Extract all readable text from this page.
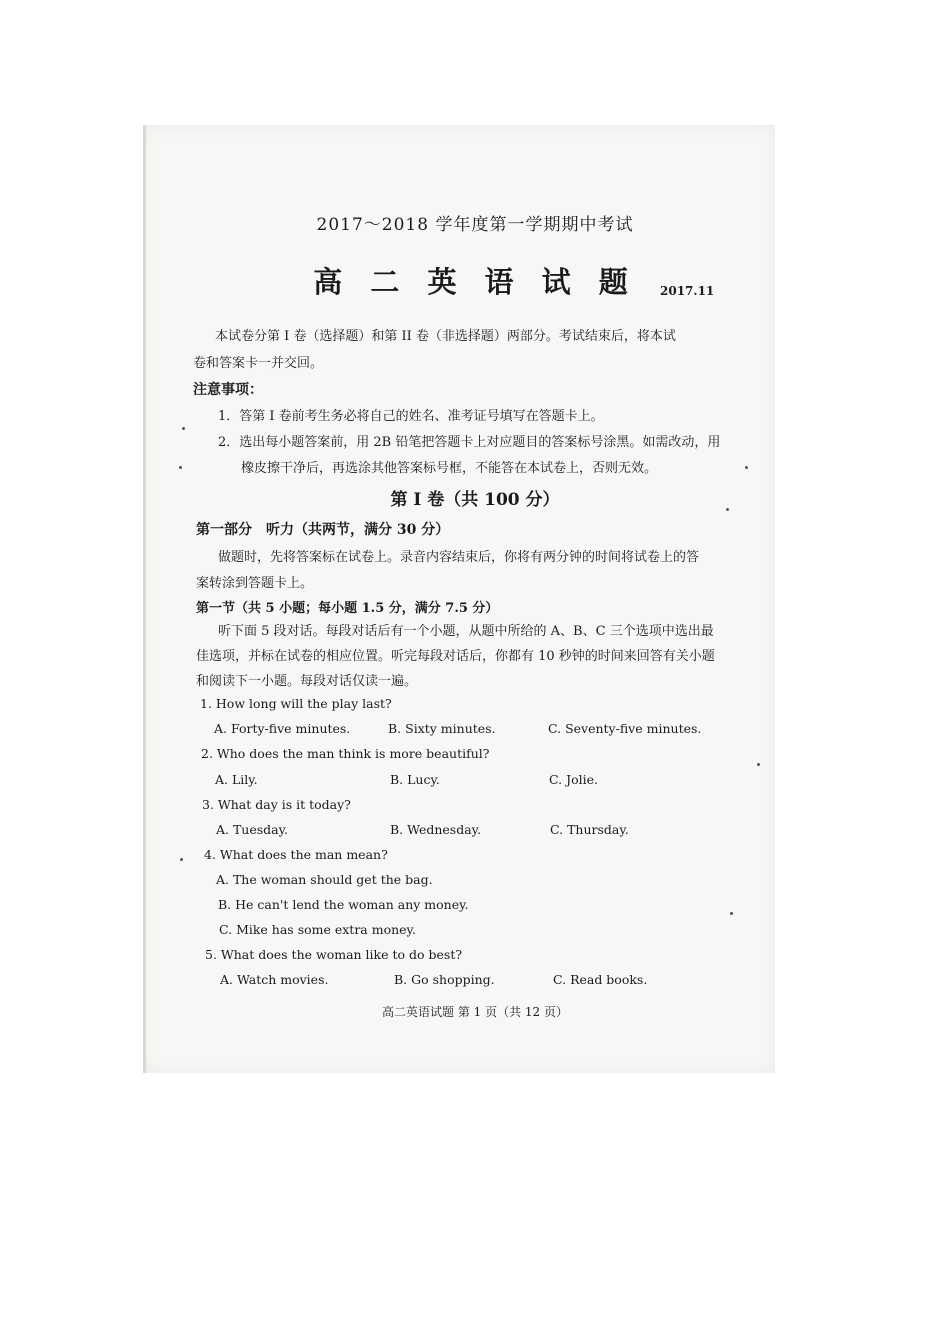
2017～2018 学年度第一学期期中考试
高 二 英 语 试 题	2017.11
本试卷分第 I 卷（选择题）和第 II 卷（非选择题）两部分。考试结束后，将本试
卷和答案卡一并交回。
注意事项：
1．答第 I 卷前考生务必将自己的姓名、准考证号填写在答题卡上。
2．选出每小题答案前，用 2B 铅笔把答题卡上对应题目的答案标号涂黑。如需改动，用
橡皮擦干净后，再选涂其他答案标号框，不能答在本试卷上，否则无效。
第 I 卷（共 100 分）
第一部分　听力（共两节，满分 30 分）
做题时，先将答案标在试卷上。录音内容结束后，你将有两分钟的时间将试卷上的答
案转涂到答题卡上。
第一节（共 5 小题；每小题 1.5 分，满分 7.5 分）
听下面 5 段对话。每段对话后有一个小题，从题中所给的 A、B、C 三个选项中选出最
佳选项，并标在试卷的相应位置。听完每段对话后，你都有 10 秒钟的时间来回答有关小题
和阅读下一小题。每段对话仅读一遍。
1. How long will the play last?
A. Forty-five minutes.	B. Sixty minutes.	C. Seventy-five minutes.
2. Who does the man think is more beautiful?
A. Lily.	B. Lucy.	C. Jolie.
3. What day is it today?
A. Tuesday.	B. Wednesday.	C. Thursday.
4. What does the man mean?
A. The woman should get the bag.
B. He can't lend the woman any money.
C. Mike has some extra money.
5. What does the woman like to do best?
A. Watch movies.	B. Go shopping.	C. Read books.
高二英语试题 第 1 页（共 12 页）
